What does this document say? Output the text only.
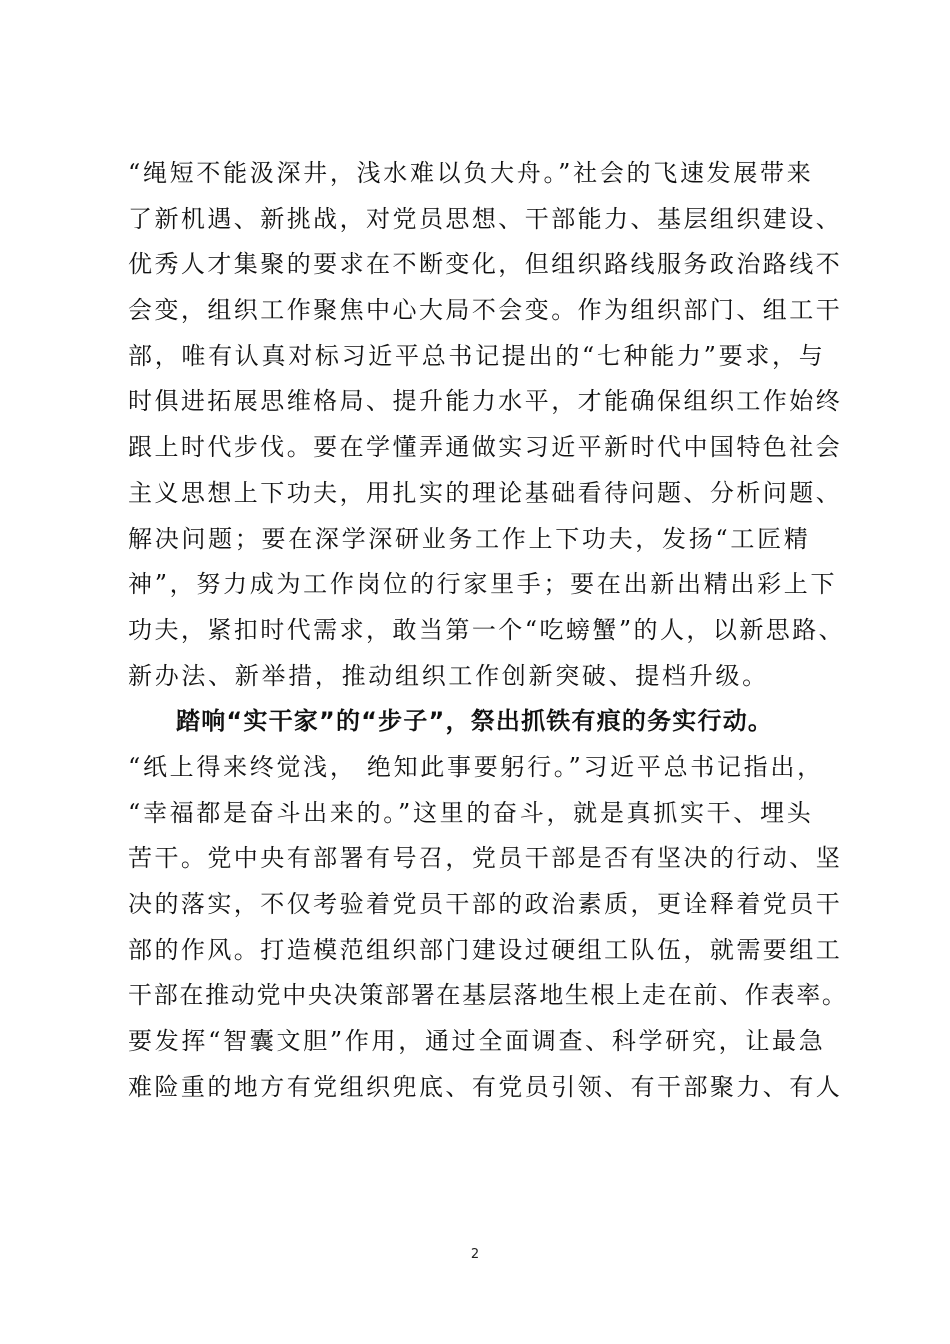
“绳短不能汲深井，浅水难以负大舟。”社会的飞速发展带来
了新机遇、新挑战，对党员思想、干部能力、基层组织建设、
优秀人才集聚的要求在不断变化，但组织路线服务政治路线不
会变，组织工作聚焦中心大局不会变。作为组织部门、组工干
部，唯有认真对标习近平总书记提出的“七种能力”要求，与
时俱进拓展思维格局、提升能力水平，才能确保组织工作始终
跟上时代步伐。要在学懂弄通做实习近平新时代中国特色社会
主义思想上下功夫，用扎实的理论基础看待问题、分析问题、
解决问题；要在深学深研业务工作上下功夫，发扬“工匠精
神”，努力成为工作岗位的行家里手；要在出新出精出彩上下
功夫，紧扣时代需求，敢当第一个“吃螃蟹”的人，以新思路、
新办法、新举措，推动组织工作创新突破、提档升级。
踏响“实干家”的“步子”，祭出抓铁有痕的务实行动。
“纸上得来终觉浅， 绝知此事要躬行。”习近平总书记指出，
“幸福都是奋斗出来的。”这里的奋斗，就是真抓实干、埋头
苦干。党中央有部署有号召，党员干部是否有坚决的行动、坚
决的落实，不仅考验着党员干部的政治素质，更诠释着党员干
部的作风。打造模范组织部门建设过硬组工队伍，就需要组工
干部在推动党中央决策部署在基层落地生根上走在前、作表率。
要发挥“智囊文胆”作用，通过全面调查、科学研究，让最急
难险重的地方有党组织兜底、有党员引领、有干部聚力、有人
2
